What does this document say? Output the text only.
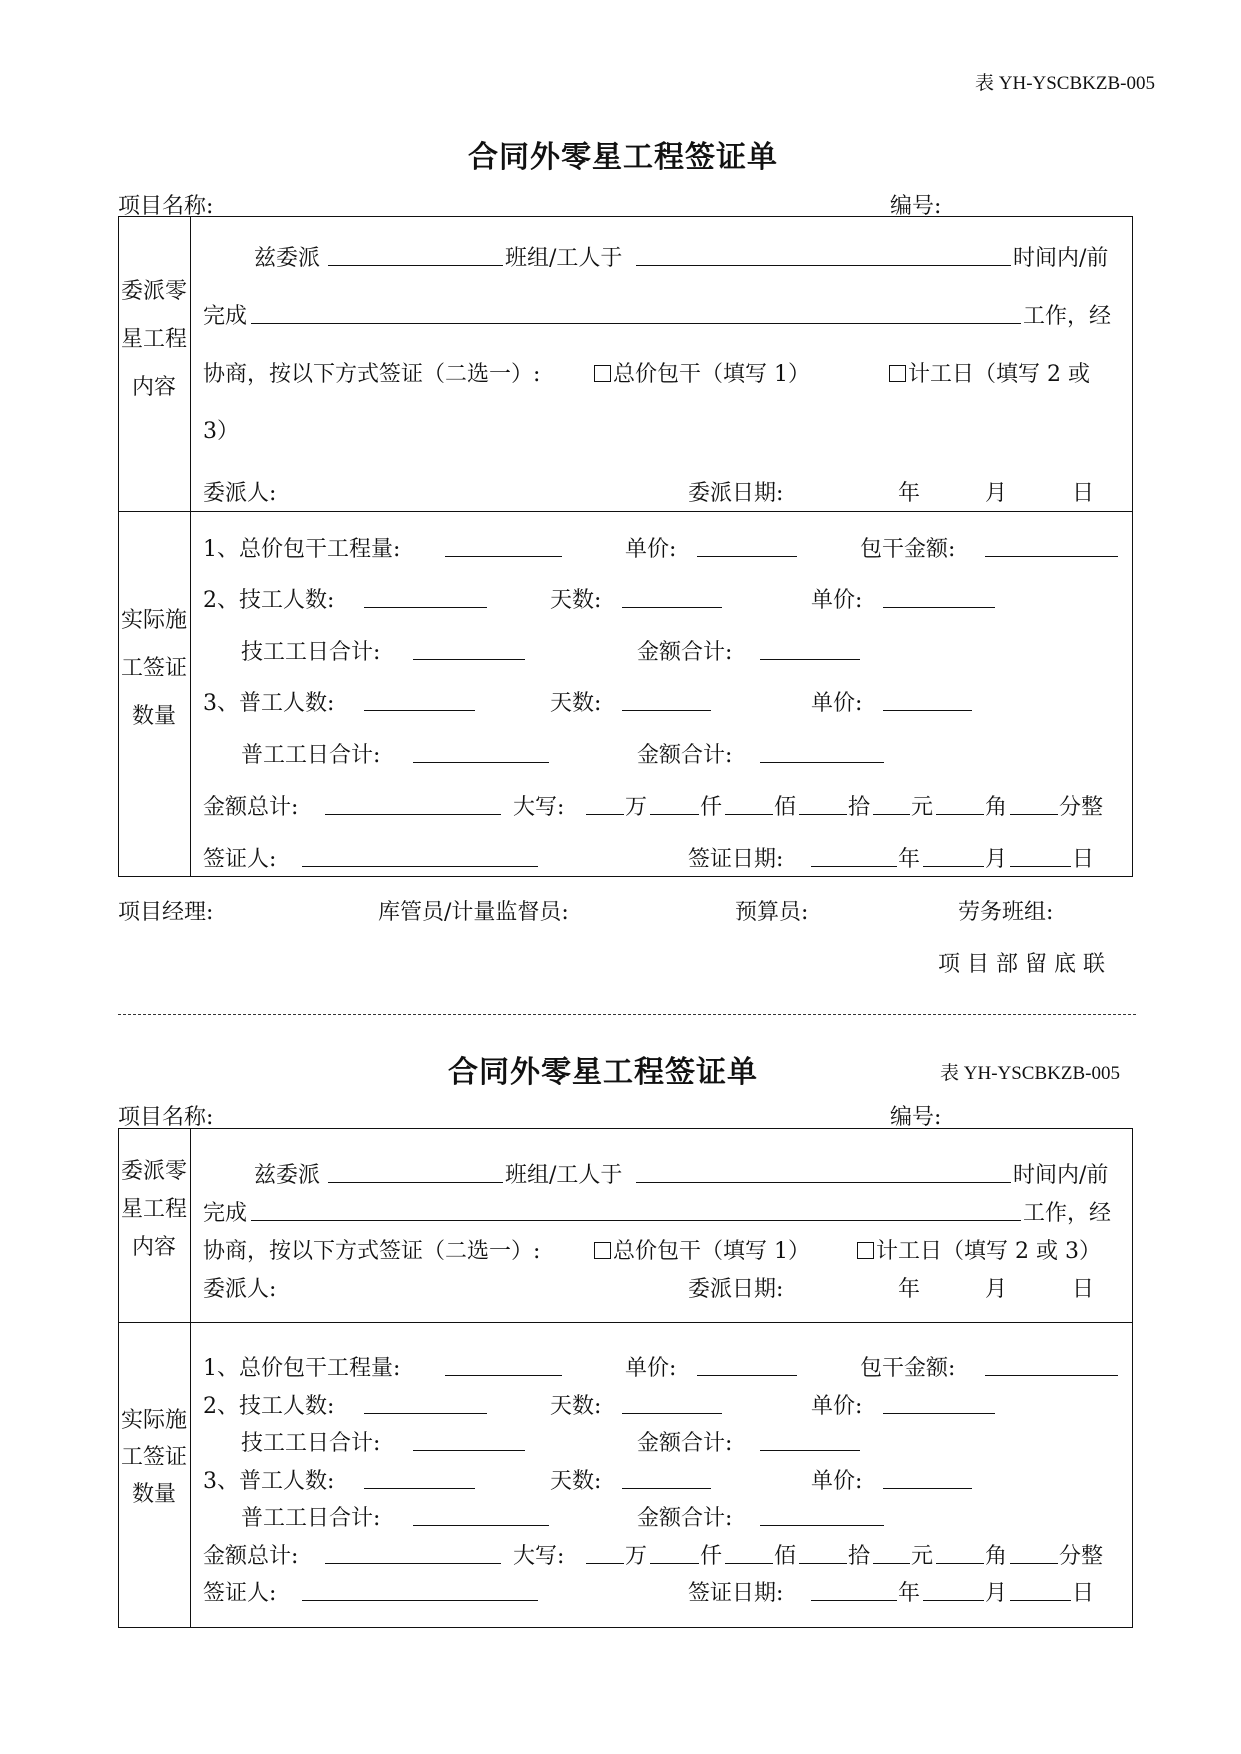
表 YH-YSCBKZB-005
合同外零星工程签证单
项目名称:	编号:
委派零星工程内容
兹委派	班组/工人于	时间内/前
完成	工作，经
协商，按以下方式签证（二选一）:	总价包干（填写 1）	计工日（填写 2 或
3）
委派人:	委派日期:	年	月	日
实际施工签证数量
1、总价包干工程量:	单价:	包干金额:
2、技工人数:	天数:	单价:
技工工日合计:	金额合计:
3、普工人数:	天数:	单价:
普工工日合计:	金额合计:
金额总计:	大写:	万 仟 佰 拾 元 角 分整
签证人:	签证日期:	年	月	日
项目经理:	库管员/计量监督员:	预算员:	劳务班组:
项 目 部 留 底 联
合同外零星工程签证单	表 YH-YSCBKZB-005
项目名称:	编号:
委派零星工程内容
兹委派	班组/工人于	时间内/前
完成	工作，经
协商，按以下方式签证（二选一）:	总价包干（填写 1）	计工日（填写 2 或 3）
委派人:	委派日期:	年	月	日
实际施工签证数量
1、总价包干工程量:	单价:	包干金额:
2、技工人数:	天数:	单价:
技工工日合计:	金额合计:
3、普工人数:	天数:	单价:
普工工日合计:	金额合计:
金额总计:	大写:	万 仟 佰 拾 元 角 分整
签证人:	签证日期:	年	月	日
